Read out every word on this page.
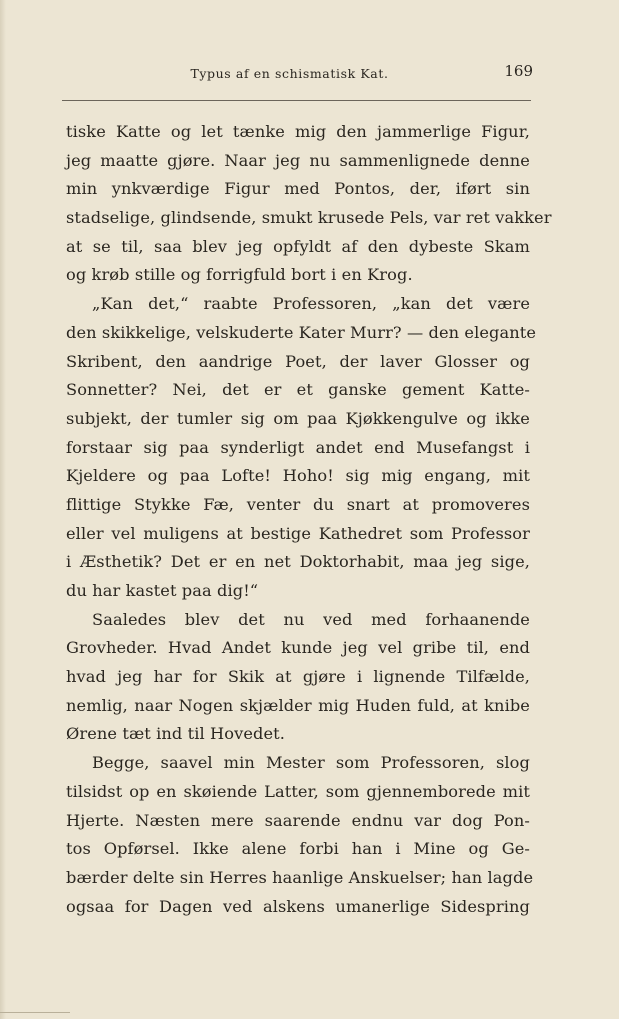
Typus af en schismatisk Kat.	169
tiske Katte og let tænke mig den jammerlige Figur,
jeg maatte gjøre. Naar jeg nu sammenlignede denne
min ynkværdige Figur med Pontos, der, iført sin
stadselige, glindsende, smukt krusede Pels, var ret vakker
at se til, saa blev jeg opfyldt af den dybeste Skam
og krøb stille og forrigfuld bort i en Krog.
„Kan det,“ raabte Professoren, „kan det være
den skikkelige, velskuderte Kater Murr? — den elegante
Skribent, den aandrige Poet, der laver Glosser og
Sonnetter? Nei, det er et ganske gement Katte-
subjekt, der tumler sig om paa Kjøkkengulve og ikke
forstaar sig paa synderligt andet end Musefangst i
Kjeldere og paa Lofte! Hoho! sig mig engang, mit
flittige Stykke Fæ, venter du snart at promoveres
eller vel muligens at bestige Kathedret som Professor
i Æsthetik? Det er en net Doktorhabit, maa jeg sige,
du har kastet paa dig!“
Saaledes blev det nu ved med forhaanende
Grovheder. Hvad Andet kunde jeg vel gribe til, end
hvad jeg har for Skik at gjøre i lignende Tilfælde,
nemlig, naar Nogen skjælder mig Huden fuld, at knibe
Ørene tæt ind til Hovedet.
Begge, saavel min Mester som Professoren, slog
tilsidst op en skøiende Latter, som gjennemborede mit
Hjerte. Næsten mere saarende endnu var dog Pon-
tos Opførsel. Ikke alene forbi han i Mine og Ge-
bærder delte sin Herres haanlige Anskuelser; han lagde
ogsaa for Dagen ved alskens umanerlige Sidespring
